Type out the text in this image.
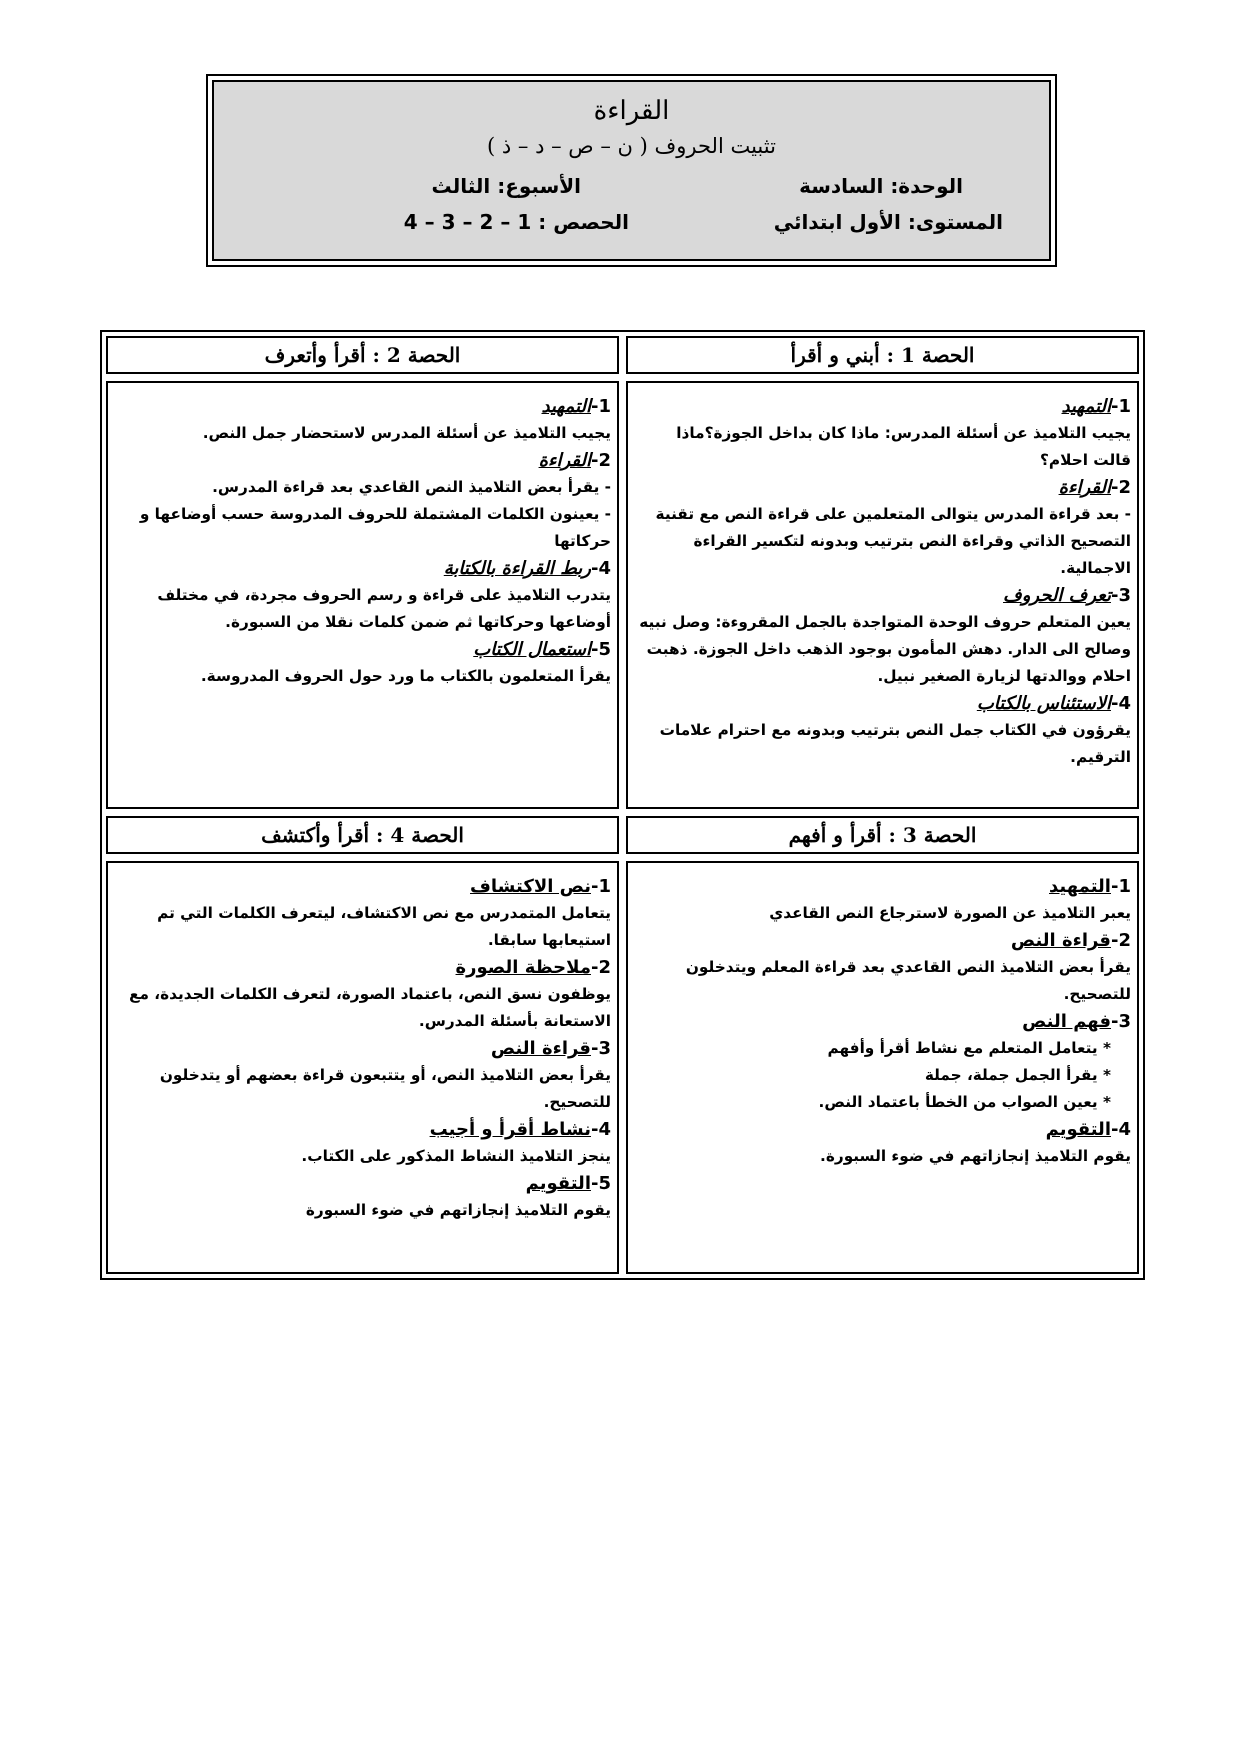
القراءة
تثبيت الحروف ( ن – ص – د – ذ )
الوحدة: السادسة
الأسبوع: الثالث
المستوى: الأول ابتدائي
الحصص : 1 – 2 – 3 – 4
الحصة 1 : أبني و أقرأ
الحصة 2 : أقرأ وأتعرف
1-التمهيد
يجيب التلاميذ عن أسئلة المدرس: ماذا كان بداخل الجوزة؟ماذا قالت احلام؟
2-القراءة
- بعد قراءة المدرس يتوالى المتعلمين على قراءة النص مع تقنية التصحيح الذاتي وقراءة النص بترتيب وبدونه لتكسير القراءة الاجمالية.
3-تعرف الحروف
يعين المتعلم حروف الوحدة المتواجدة بالجمل المقروءة: وصل نبيه وصالح الى الدار. دهش المأمون بوجود الذهب داخل الجوزة. ذهبت احلام ووالدتها لزيارة الصغير نبيل.
4-الاستئناس بالكتاب
يقرؤون في الكتاب جمل النص بترتيب وبدونه مع احترام علامات الترقيم.
1-التمهيد
يجيب التلاميذ عن أسئلة المدرس لاستحضار جمل النص.
2-القراءة
- يقرأ بعض التلاميذ النص القاعدي بعد قراءة المدرس.
- يعينون الكلمات المشتملة للحروف المدروسة حسب أوضاعها و حركاتها
4-ربط القراءة بالكتابة
يتدرب التلاميذ على قراءة و رسم الحروف مجردة، في مختلف أوضاعها وحركاتها ثم ضمن كلمات نقلا من السبورة.
5-استعمال الكتاب
يقرأ المتعلمون بالكتاب ما ورد حول الحروف المدروسة.
الحصة 3 : أقرأ و أفهم
الحصة 4 : أقرأ وأكتشف
1-التمهيد
يعبر التلاميذ عن الصورة لاسترجاع النص القاعدي
2-قراءة النص
يقرأ بعض التلاميذ النص القاعدي بعد قراءة المعلم ويتدخلون للتصحيح.
3-فهم النص
* يتعامل المتعلم مع نشاط أقرأ وأفهم
* يقرأ الجمل جملة، جملة
* يعين الصواب من الخطأ باعتماد النص.
4-التقويم
يقوم التلاميذ إنجازاتهم في ضوء السبورة.
1-نص الاكتشاف
يتعامل المتمدرس مع نص الاكتشاف، ليتعرف الكلمات التي تم استيعابها سابقا.
2-ملاحظة الصورة
يوظفون نسق النص، باعتماد الصورة، لتعرف الكلمات الجديدة، مع الاستعانة بأسئلة المدرس.
3-قراءة النص
يقرأ بعض التلاميذ النص، أو يتتبعون قراءة بعضهم أو يتدخلون للتصحيح.
4-نشاط أقرأ و أجيب
ينجز التلاميذ النشاط المذكور على الكتاب.
5-التقويم
يقوم التلاميذ إنجازاتهم في ضوء السبورة
